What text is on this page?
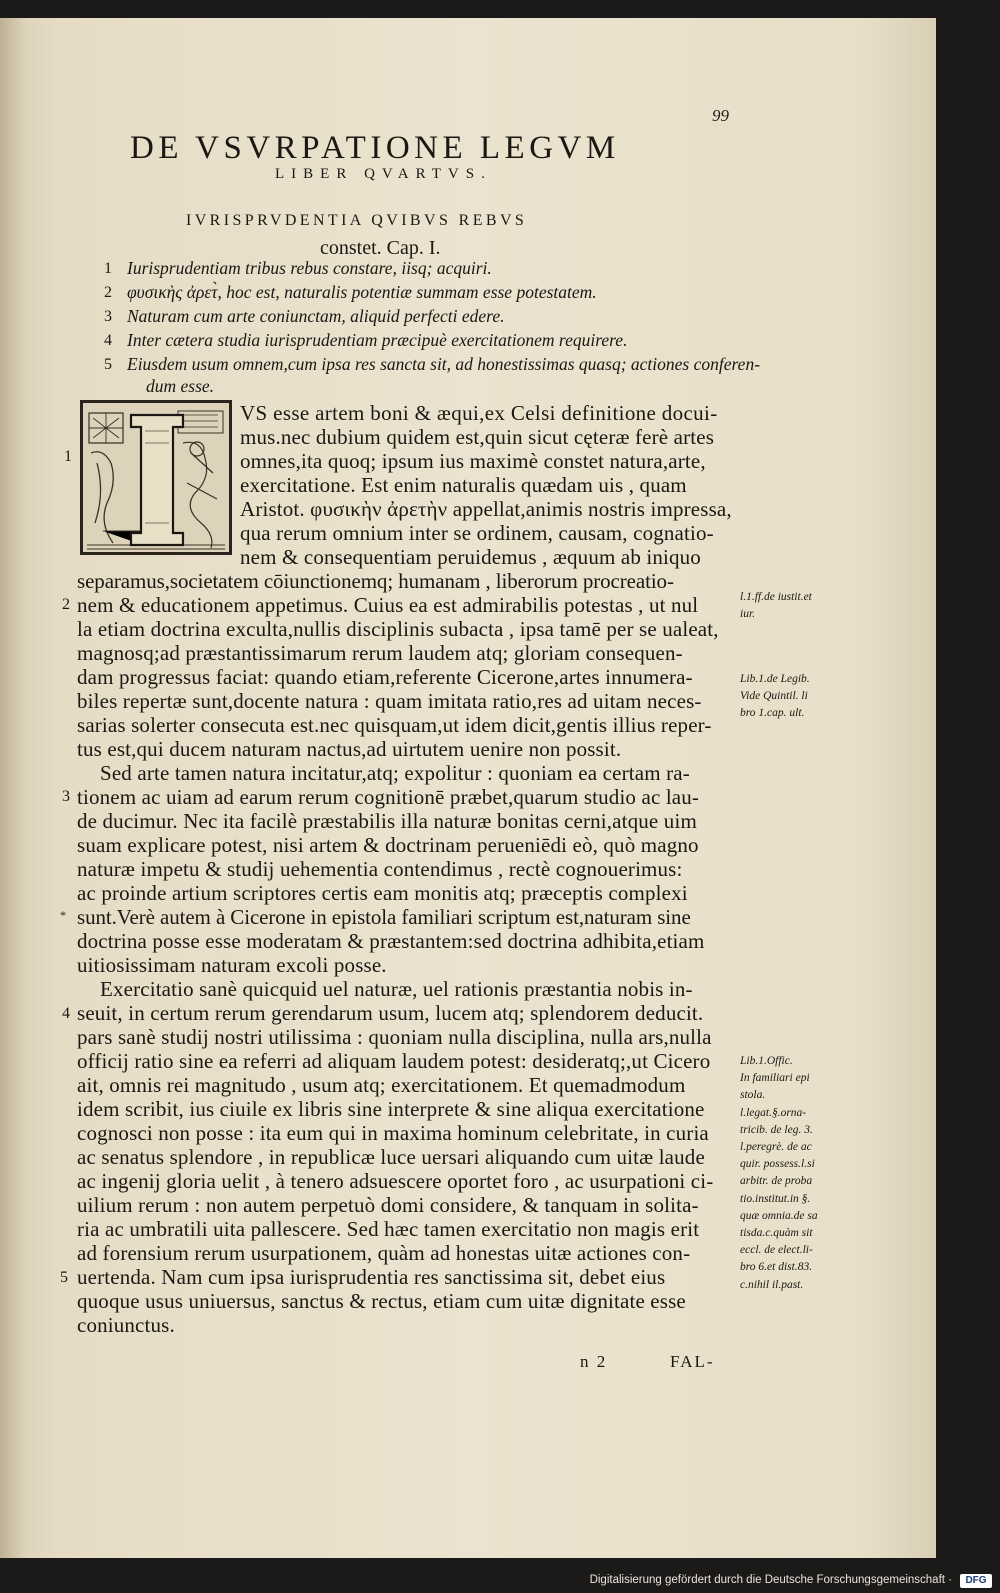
99
DE VSVRPATIONE LEGVM
LIBER QVARTVS.
IVRISPRVDENTIA QVIBVS REBVS
constet. Cap. I.
1 Iurisprudentiam tribus rebus constare, iisq; acquiri.
2 φυσικὴς ἀρετ̀, hoc est, naturalis potentiæ summam esse potestatem.
3 Naturam cum arte coniunctam, aliquid perfecti edere.
4 Inter cætera studia iurisprudentiam præcipuè exercitationem requirere.
5 Eiusdem usum omnem,cum ipsa res sancta sit, ad honestissimas quasq; actiones conferen-
dum esse.
VS esse artem boni & æqui,ex Celsi definitione docui-
mus.nec dubium quidem est,quin sicut cęteræ ferè artes
omnes,ita quoq; ipsum ius maximè constet natura,arte,
exercitatione. Est enim naturalis quædam uis , quam
Aristot. φυσικὴν ἀρετὴν appellat,animis nostris impressa,
qua rerum omnium inter se ordinem, causam, cognatio-
nem & consequentiam peruidemus , æquum ab iniquo
separamus,societatem cōiunctionemq; humanam , liberorum procreatio-
nem & educationem appetimus. Cuius ea est admirabilis potestas , ut nul
la etiam doctrina exculta,nullis disciplinis subacta , ipsa tamē per se ualeat,
magnosq;ad præstantissimarum rerum laudem atq; gloriam consequen-
dam progressus faciat: quando etiam,referente Cicerone,artes innumera-
biles repertæ sunt,docente natura : quam imitata ratio,res ad uitam neces-
sarias solerter consecuta est.nec quisquam,ut idem dicit,gentis illius reper-
tus est,qui ducem naturam nactus,ad uirtutem uenire non possit.
Sed arte tamen natura incitatur,atq; expolitur : quoniam ea certam ra-
tionem ac uiam ad earum rerum cognitionē præbet,quarum studio ac lau-
de ducimur. Nec ita facilè præstabilis illa naturæ bonitas cerni,atque uim
suam explicare potest, nisi artem & doctrinam perueniēdi eò, quò magno
naturæ impetu & studij uehementia contendimus , rectè cognouerimus:
ac proinde artium scriptores certis eam monitis atq; præceptis complexi
sunt.Verè autem à Cicerone in epistola familiari scriptum est,naturam sine
doctrina posse esse moderatam & præstantem:sed doctrina adhibita,etiam
uitiosissimam naturam excoli posse.
Exercitatio sanè quicquid uel naturæ, uel rationis præstantia nobis in-
seuit, in certum rerum gerendarum usum, lucem atq; splendorem deducit.
pars sanè studij nostri utilissima : quoniam nulla disciplina, nulla ars,nulla
officij ratio sine ea referri ad aliquam laudem potest: desideratq;,ut Cicero
ait, omnis rei magnitudo , usum atq; exercitationem. Et quemadmodum
idem scribit, ius ciuile ex libris sine interprete & sine aliqua exercitatione
cognosci non posse : ita eum qui in maxima hominum celebritate, in curia
ac senatus splendore , in republicæ luce uersari aliquando cum uitæ laude
ac ingenij gloria uelit , à tenero adsuescere oportet foro , ac usurpationi ci-
uilium rerum : non autem perpetuò domi considere, & tanquam in solita-
ria ac umbratili uita pallescere. Sed hæc tamen exercitatio non magis erit
ad forensium rerum usurpationem, quàm ad honestas uitæ actiones con-
uertenda. Nam cum ipsa iurisprudentia res sanctissima sit, debet eius
quoque usus uniuersus, sanctus & rectus, etiam cum uitæ dignitate esse
coniunctus.
1
2
3
*
4
5
l.1.ff.de iustit.et
iur.
Lib.1.de Legib.
Vide Quintil. li
bro 1.cap. ult.
Lib.1.Offic.
In familiari epi
stola.
l.legat.§.orna-
tricib. de leg. 3.
l.peregrè. de ac
quir. possess.l.si
arbitr. de proba
tio.institut.in §.
quæ omnia.de sa
tisda.c.quàm sit
eccl. de elect.li-
bro 6.et dist.83.
c.nihil il.past.
n 2	FAL-
Digitalisierung gefördert durch die Deutsche Forschungsgemeinschaft ·	DFG
